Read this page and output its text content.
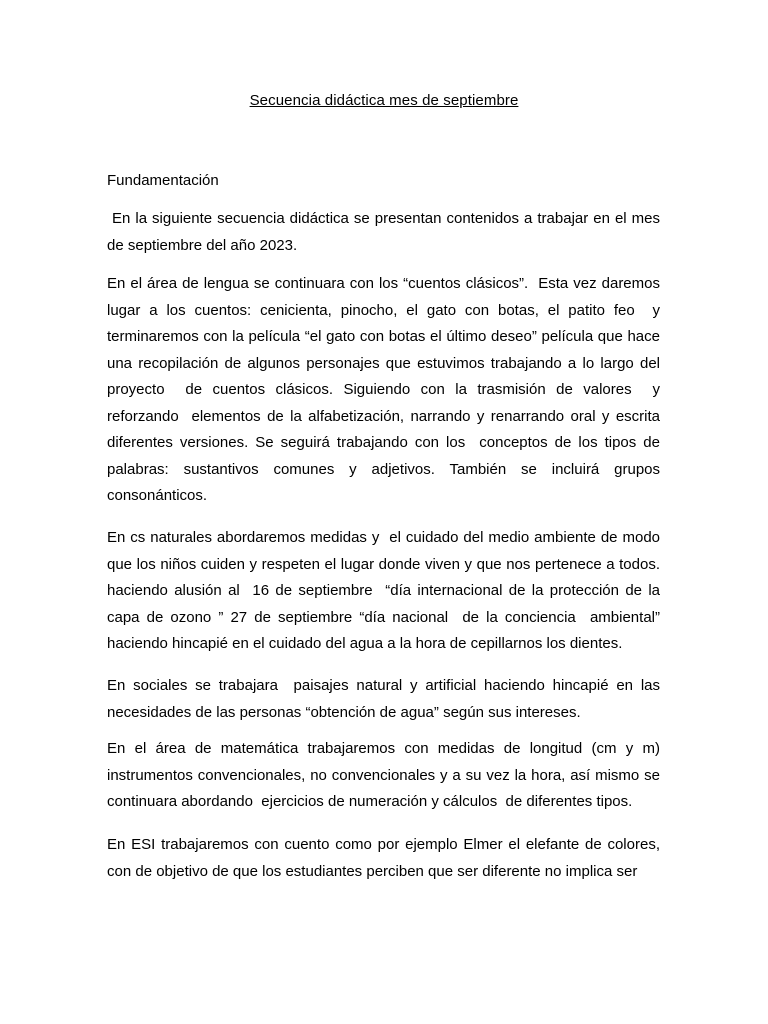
Secuencia didáctica mes de septiembre
Fundamentación

En la siguiente secuencia didáctica se presentan contenidos a trabajar en el mes de septiembre del año 2023.

En el área de lengua se continuara con los “cuentos clásicos”.  Esta vez daremos lugar a los cuentos: cenicienta, pinocho, el gato con botas, el patito feo  y terminaremos con la película “el gato con botas el último deseo” película que hace una recopilación de algunos personajes que estuvimos trabajando a lo largo del proyecto  de cuentos clásicos. Siguiendo con la trasmisión de valores  y reforzando  elementos de la alfabetización, narrando y renarrando oral y escrita diferentes versiones. Se seguirá trabajando con los  conceptos de los tipos de palabras: sustantivos comunes y adjetivos. También se incluirá grupos consonánticos.

En cs naturales abordaremos medidas y  el cuidado del medio ambiente de modo que los niños cuiden y respeten el lugar donde viven y que nos pertenece a todos. haciendo alusión al  16 de septiembre  “día internacional de la protección de la capa de ozono ” 27 de septiembre “día nacional  de la conciencia  ambiental” haciendo hincapié en el cuidado del agua a la hora de cepillarnos los dientes.

En sociales se trabajara  paisajes natural y artificial haciendo hincapié en las necesidades de las personas “obtención de agua” según sus intereses.

En el área de matemática trabajaremos con medidas de longitud (cm y m) instrumentos convencionales, no convencionales y a su vez la hora, así mismo se continuara abordando  ejercicios de numeración y cálculos  de diferentes tipos.

En ESI trabajaremos con cuento como por ejemplo Elmer el elefante de colores, con de objetivo de que los estudiantes perciben que ser diferente no implica ser
